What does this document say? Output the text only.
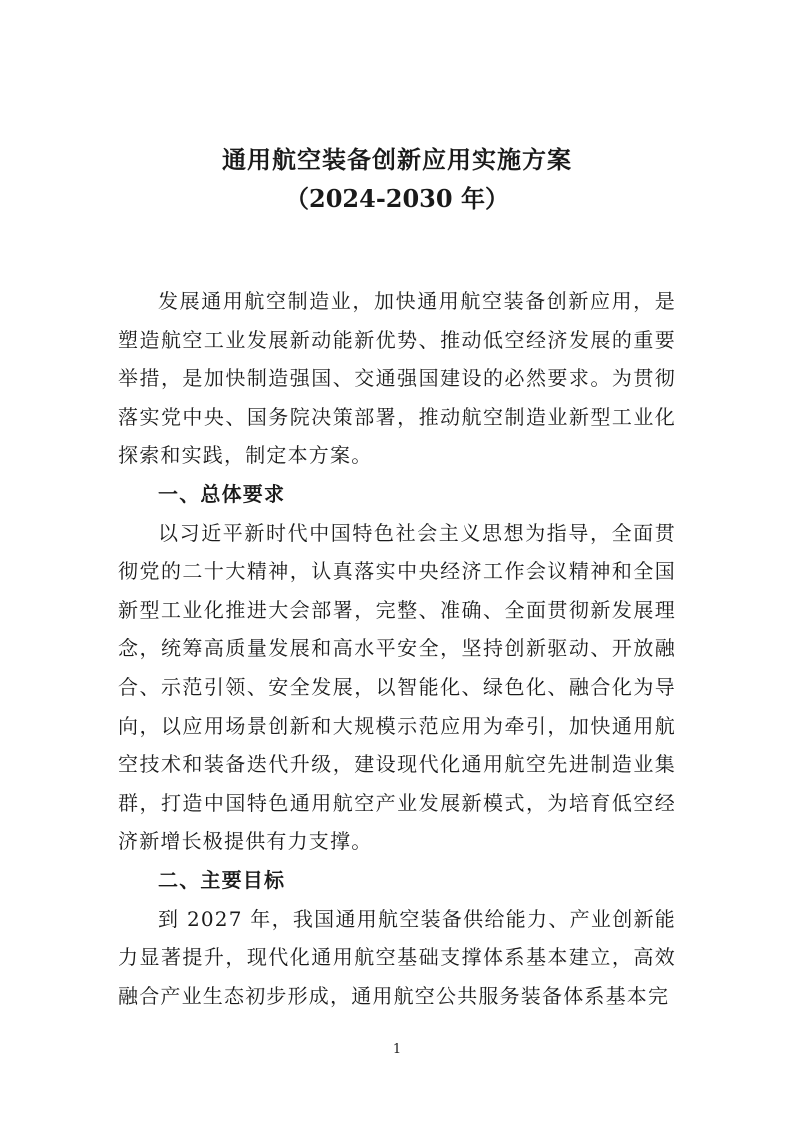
通用航空装备创新应用实施方案
（2024-2030 年）

发展通用航空制造业，加快通用航空装备创新应用，是塑造航空工业发展新动能新优势、推动低空经济发展的重要举措，是加快制造强国、交通强国建设的必然要求。为贯彻落实党中央、国务院决策部署，推动航空制造业新型工业化探索和实践，制定本方案。

一、总体要求

以习近平新时代中国特色社会主义思想为指导，全面贯彻党的二十大精神，认真落实中央经济工作会议精神和全国新型工业化推进大会部署，完整、准确、全面贯彻新发展理念，统筹高质量发展和高水平安全，坚持创新驱动、开放融合、示范引领、安全发展，以智能化、绿色化、融合化为导向，以应用场景创新和大规模示范应用为牵引，加快通用航空技术和装备迭代升级，建设现代化通用航空先进制造业集群，打造中国特色通用航空产业发展新模式，为培育低空经济新增长极提供有力支撑。

二、主要目标

到 2027 年，我国通用航空装备供给能力、产业创新能力显著提升，现代化通用航空基础支撑体系基本建立，高效融合产业生态初步形成，通用航空公共服务装备体系基本完

1
